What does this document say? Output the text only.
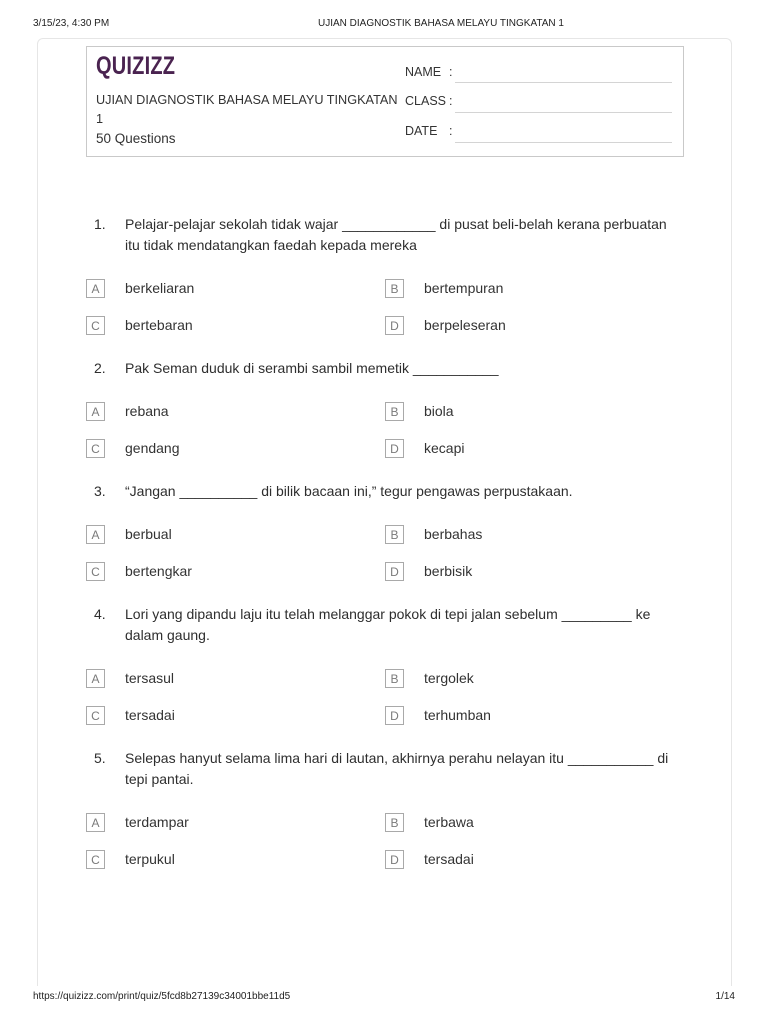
3/15/23, 4:30 PM	UJIAN DIAGNOSTIK BAHASA MELAYU TINGKATAN 1
QUIZIZZ
UJIAN DIAGNOSTIK BAHASA MELAYU TINGKATAN 1
50 Questions
NAME :
CLASS :
DATE :
1.	Pelajar-pelajar sekolah tidak wajar ____________ di pusat beli-belah kerana perbuatan itu tidak mendatangkan faedah kepada mereka
A	berkeliaran	B	bertempuran
C	bertebaran	D	berpeleseran
2.	Pak Seman duduk di serambi sambil memetik ___________
A	rebana	B	biola
C	gendang	D	kecapi
3.	“Jangan __________ di bilik bacaan ini,” tegur pengawas perpustakaan.
A	berbual	B	berbahas
C	bertengkar	D	berbisik
4.	Lori yang dipandu laju itu telah melanggar pokok di tepi jalan sebelum _________ ke dalam gaung.
A	tersasul	B	tergolek
C	tersadai	D	terhumban
5.	Selepas hanyut selama lima hari di lautan, akhirnya perahu nelayan itu ___________ di tepi pantai.
A	terdampar	B	terbawa
C	terpukul	D	tersadai
https://quizizz.com/print/quiz/5fcd8b27139c34001bbe11d5	1/14
